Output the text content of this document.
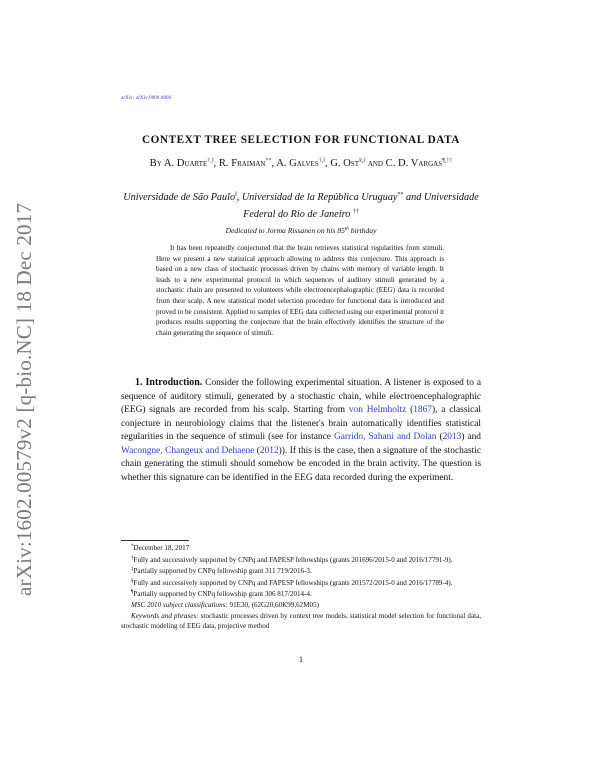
arXiv: arXiv:0000.0000
arXiv:1602.00579v2 [q-bio.NC] 18 Dec 2017
CONTEXT TREE SELECTION FOR FUNCTIONAL DATA
By A. Duarte†,‖, R. Fraiman**, A. Galves†,‖, G. Ost§,‖ and C. D. Vargas¶,††
Universidade de São Paulo‖, Universidad de la República Uruguay** and Universidade Federal do Rio de Janeiro ††
Dedicated to Jorma Rissanen on his 85th birthday

It has been repeatedly conjectured that the brain retrieves statistical regularities from stimuli. Here we present a new statistical approach allowing to address this conjecture. This approach is based on a new class of stochastic processes driven by chains with memory of variable length. It leads to a new experimental protocol in which sequences of auditory stimuli generated by a stochastic chain are presented to volunteers while electroencephalographic (EEG) data is recorded from their scalp. A new statistical model selection procedure for functional data is introduced and proved to be consistent. Applied to samples of EEG data collected using our experimental protocol it produces results supporting the conjecture that the brain effectively identifies the structure of the chain generating the sequence of stimuli.

1. Introduction. Consider the following experimental situation. A listener is exposed to a sequence of auditory stimuli, generated by a stochastic chain, while electroencephalographic (EEG) signals are recorded from his scalp. Starting from von Helmholtz (1867), a classical conjecture in neurobiology claims that the listener's brain automatically identifies statistical regularities in the sequence of stimuli (see for instance Garrido, Sahani and Dolan (2013) and Wacongne, Changeux and Dehaene (2012)). If this is the case, then a signature of the stochastic chain generating the stimuli should somehow be encoded in the brain activity. The question is whether this signature can be identified in the EEG data recorded during the experiment.

*December 18, 2017

†Fully and successively supported by CNPq and FAPESP fellowships (grants 201696/2015-0 and 2016/17791-9).

‡Partially supported by CNPq fellowship grant 311 719/2016-3.

§Fully and successively supported by CNPq and FAPESP fellowships (grants 201572/2015-0 and 2016/17789-4).

¶Partially supported by CNPq fellowship grant 306 817/2014-4.

MSC 2010 subject classifications: 91E30, (62G20,60K99,62M05)

Keywords and phrases: stochastic processes driven by context tree models, statistical model selection for functional data, stochastic modeling of EEG data, projective method

1
